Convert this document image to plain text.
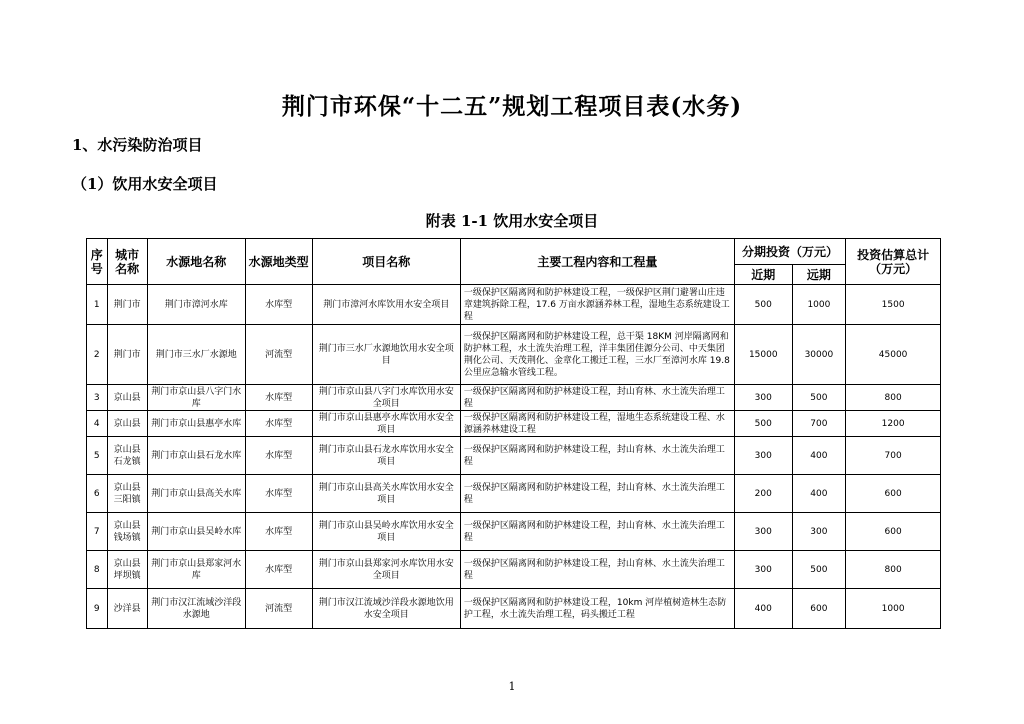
荆门市环保“十二五”规划工程项目表(水务)
1、水污染防治项目
（1）饮用水安全项目
附表 1-1 饮用水安全项目
序号	城市名称	水源地名称	水源地类型	项目名称	主要工程内容和工程量	分期投资（万元）		投资估算总计（万元）
						近期	远期	
1	荆门市	荆门市漳河水库	水库型	荆门市漳河水库饮用水安全项目	一级保护区隔离网和防护林建设工程，一级保护区荆门避署山庄违章建筑拆除工程，17.6 万亩水源涵养林工程，湿地生态系统建设工程	500	1000	1500
2	荆门市	荆门市三水厂水源地	河流型	荆门市三水厂水源地饮用水安全项目	一级保护区隔离网和防护林建设工程，总干渠 18KM 河岸隔离网和防护林工程，水土流失治理工程，洋丰集团佳源分公司、中天集团荆化公司、天茂荆化、金章化工搬迁工程，三水厂至漳河水库 19.8 公里应急输水管线工程。	15000	30000	45000
3	京山县	荆门市京山县八字门水库	水库型	荆门市京山县八字门水库饮用水安全项目	一级保护区隔离网和防护林建设工程，封山育林、水土流失治理工程	300	500	800
4	京山县	荆门市京山县惠亭水库	水库型	荆门市京山县惠亭水库饮用水安全项目	一级保护区隔离网和防护林建设工程，湿地生态系统建设工程、水源涵养林建设工程	500	700	1200
5	京山县石龙镇	荆门市京山县石龙水库	水库型	荆门市京山县石龙水库饮用水安全项目	一级保护区隔离网和防护林建设工程，封山育林、水土流失治理工程	300	400	700
6	京山县三阳镇	荆门市京山县高关水库	水库型	荆门市京山县高关水库饮用水安全项目	一级保护区隔离网和防护林建设工程，封山育林、水土流失治理工程	200	400	600
7	京山县钱场镇	荆门市京山县吴岭水库	水库型	荆门市京山县吴岭水库饮用水安全项目	一级保护区隔离网和防护林建设工程，封山育林、水土流失治理工程	300	300	600
8	京山县坪坝镇	荆门市京山县郑家河水库	水库型	荆门市京山县郑家河水库饮用水安全项目	一级保护区隔离网和防护林建设工程，封山育林、水土流失治理工程	300	500	800
9	沙洋县	荆门市汉江流域沙洋段水源地	河流型	荆门市汉江流域沙洋段水源地饮用水安全项目	一级保护区隔离网和防护林建设工程，10km 河岸植树造林生态防护工程，水土流失治理工程，码头搬迁工程	400	600	1000
1
